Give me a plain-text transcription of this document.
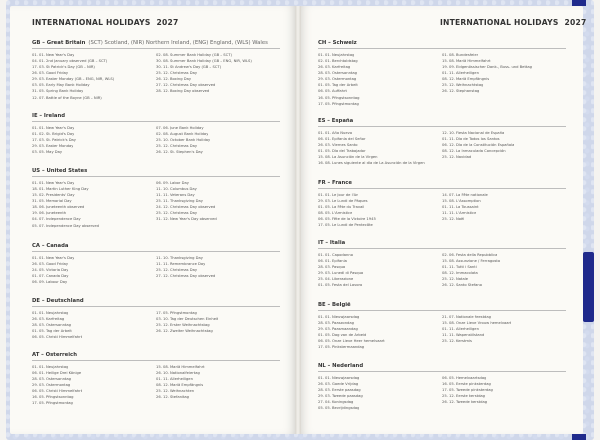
INTERNATIONAL HOLIDAYS 2027	INTERNATIONAL HOLIDAYS 2027
GB – Great Britain (SCT) Scotland, (NIR) Northern Ireland, (ENG) England, (WLS) Wales
01. 01. New Year's Day
04. 01. 2nd January observed (GB – SCT)
17. 03. St Patrick's Day (GB – NIR)
26. 03. Good Friday
29. 03. Easter Monday (GB – ENG, NIR, WLS)
03. 05. Early May Bank Holiday
31. 05. Spring Bank Holiday
12. 07. Battle of the Boyne (GB – NIR)
02. 08. Summer Bank Holiday (GB – SCT)
30. 08. Summer Bank Holiday (GB – ENG, NIR, WLS)
30. 11. St Andrew's Day (GB – SCT)
25. 12. Christmas Day
26. 12. Boxing Day
27. 12. Christmas Day observed
28. 12. Boxing Day observed
IE – Ireland
01. 01. New Year's Day
01. 02. St. Brigid's Day
17. 03. St. Patrick's Day
29. 03. Easter Monday
03. 05. May Day
07. 06. June Bank Holiday
02. 08. August Bank Holiday
25. 10. October Bank Holiday
25. 12. Christmas Day
26. 12. St. Stephen's Day
US – United States
01. 01. New Year's Day
18. 01. Martin Luther King Day
15. 02. Presidents' Day
31. 05. Memorial Day
18. 06. Juneteenth observed
19. 06. Juneteenth
04. 07. Independence Day
05. 07. Independence Day observed
06. 09. Labor Day
11. 10. Columbus Day
11. 11. Veterans Day
25. 11. Thanksgiving Day
24. 12. Christmas Day observed
25. 12. Christmas Day
31. 12. New Year's Day observed
CA – Canada
01. 01. New Year's Day
26. 03. Good Friday
24. 05. Victoria Day
01. 07. Canada Day
06. 09. Labour Day
11. 10. Thanksgiving Day
11. 11. Remembrance Day
25. 12. Christmas Day
27. 12. Christmas Day observed
DE – Deutschland
01. 01. Neujahrstag
26. 03. Karfreitag
28. 03. Ostersonntag
01. 05. Tag der Arbeit
06. 05. Christi Himmelfahrt
17. 05. Pfingstmontag
03. 10. Tag der Deutschen Einheit
25. 12. Erster Weihnachtstag
26. 12. Zweiter Weihnachtstag
AT – Österreich
01. 01. Neujahrstag
06. 01. Heilige Drei Könige
28. 03. Ostersonntag
29. 03. Ostermontag
06. 05. Christi Himmelfahrt
16. 05. Pfingstsonntag
17. 05. Pfingstmontag
15. 08. Mariä Himmelfahrt
26. 10. Nationalfeiertag
01. 11. Allerheiligen
08. 12. Mariä Empfängnis
25. 12. Weihnachten
26. 12. Stefanitag
CH – Schweiz
01. 01. Neujahrstag
02. 01. Berchtoldstag
26. 03. Karfreitag
28. 03. Ostersonntag
29. 03. Ostermontag
01. 05. Tag der Arbeit
06. 05. Auffahrt
16. 05. Pfingstsonntag
17. 05. Pfingstmontag
01. 08. Bundesfeier
15. 08. Mariä Himmelfahrt
19. 09. Eidgenössischer Dank-, Buss- und Bettag
01. 11. Allerheiligen
08. 12. Mariä Empfängnis
25. 12. Weihnachtstag
26. 12. Stephanstag
ES – España
01. 01. Año Nuevo
06. 01. Epifanía del Señor
26. 03. Viernes Santo
01. 05. Día del Trabajador
15. 08. La Asunción de la Virgen
16. 08. Lunes siguiente al día de La Asunción de la Virgen
12. 10. Fiesta Nacional de España
01. 11. Día de Todos los Santos
06. 12. Día de la Constitución Española
08. 12. La Inmaculada Concepción
25. 12. Navidad
FR – France
01. 01. Le Jour de l'An
29. 03. Le Lundi de Pâques
01. 05. La Fête du Travail
08. 05. L'Armistice
06. 05. Fête de la Victoire 1945
17. 05. Le Lundi de Pentecôte
14. 07. La Fête nationale
15. 08. L'Assomption
01. 11. La Toussaint
11. 11. L'Armistice
25. 12. Noël
IT – Italia
01. 01. Capodanno
06. 01. Epifania
28. 03. Pasqua
29. 03. Lunedì di Pasqua
25. 04. Liberazione
01. 05. Festa del Lavoro
02. 06. Festa della Repubblica
15. 08. Assunzione / Ferragosto
01. 11. Tutti i Santi
08. 12. Immacolata
25. 12. Natale
26. 12. Santo Stefano
BE – België
01. 01. Nieuwjaarsdag
28. 03. Paaszondag
29. 03. Paasmaandag
01. 05. Dag van de Arbeid
06. 05. Onze Lieve Heer hemelvaart
17. 05. Pinkstermaandag
21. 07. Nationale feestdag
15. 08. Onze Lieve Vrouw hemelvaart
01. 11. Allerheiligen
11. 11. Wapenstilstand
25. 12. Kerstmis
NL – Nederland
01. 01. Nieuwjaarsdag
26. 03. Goede Vrijdag
28. 03. Eerste paasdag
29. 03. Tweede paasdag
27. 04. Koningsdag
05. 05. Bevrijdingsdag
06. 05. Hemelvaartsdag
16. 05. Eerste pinksterdag
17. 05. Tweede pinksterdag
25. 12. Eerste kerstdag
26. 12. Tweede kerstdag
